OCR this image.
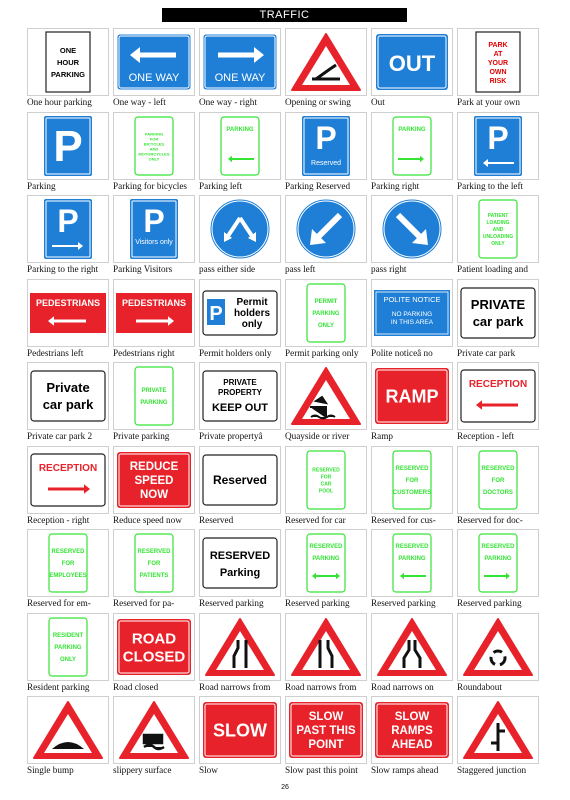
TRAFFIC
ONE
HOUR
PARKING
One hour parking
ONE WAY
One way - left
ONE WAY
One way - right	Opening or swing
OUT
Out
PARK
AT
YOUR
OWN
RISK
Park at your own
P
Parking
PARKING
FOR
BICYCLES
AND
MOTORCYCLES
ONLY
Parking for bicycles
PARKING
Parking left
P
Reserved
Parking Reserved
PARKING
Parking right
P
Parking to the left
P
Parking to the right
P
Visitors only
Parking Visitors	pass either side	pass left	pass right
PATIENT
LOADING
AND
UNLOADING
ONLY
Patient loading and
PEDESTRIANS
Pedestrians left
PEDESTRIANS
Pedestrians right
P
Permit
holders
only
Permit holders only
PERMIT
PARKING
ONLY
Permit parking only
POLITE NOTICE
NO PARKING
IN THIS AREA
Polite noticeâ no
PRIVATE
car park
Private car park
Private
car park
Private car park 2
PRIVATE
PARKING
Private parking
PRIVATE
PROPERTY
KEEP OUT
Private propertyâ	Quayside or river
RAMP
Ramp
RECEPTION
Reception - left
RECEPTION
Reception - right
REDUCE
SPEED
NOW
Reduce speed now
Reserved
Reserved
RESERVED
FOR
CAR
POOL
Reserved for car
RESERVED
FOR
CUSTOMERS
Reserved for cus-
RESERVED
FOR
DOCTORS
Reserved for doc-
RESERVED
FOR
EMPLOYEES
Reserved for em-
RESERVED
FOR
PATIENTS
Reserved for pa-
RESERVED
Parking
Reserved parking
RESERVED
PARKING
Reserved parking
RESERVED
PARKING
Reserved parking
RESERVED
PARKING
Reserved parking
RESIDENT
PARKING
ONLY
Resident parking
ROAD
CLOSED
Road closed	Road narrows from	Road narrows from	Road narrows on	Roundabout
Single bump	slippery surface
SLOW
Slow
SLOW
PAST THIS
POINT
Slow past this point
SLOW
RAMPS
AHEAD
Slow ramps ahead	Staggered junction
26
